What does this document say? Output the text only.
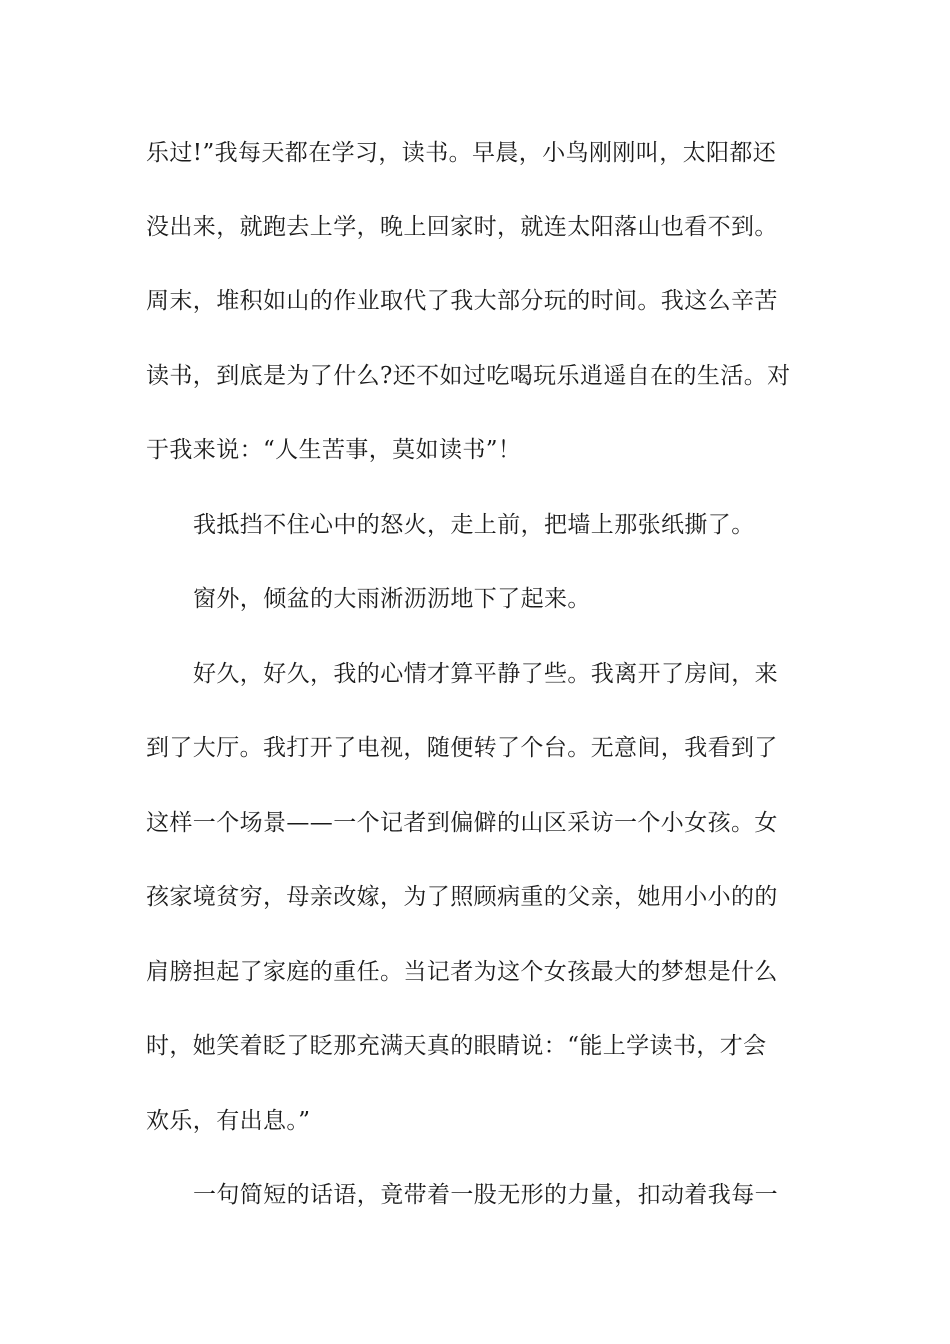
乐过!”我每天都在学习，读书。早晨，小鸟刚刚叫，太阳都还
没出来，就跑去上学，晚上回家时，就连太阳落山也看不到。
周末，堆积如山的作业取代了我大部分玩的时间。我这么辛苦
读书，到底是为了什么?还不如过吃喝玩乐逍遥自在的生活。对
于我来说：“人生苦事，莫如读书”！
我抵挡不住心中的怒火，走上前，把墙上那张纸撕了。
窗外，倾盆的大雨淅沥沥地下了起来。
好久，好久，我的心情才算平静了些。我离开了房间，来
到了大厅。我打开了电视，随便转了个台。无意间，我看到了
这样一个场景——一个记者到偏僻的山区采访一个小女孩。女
孩家境贫穷，母亲改嫁，为了照顾病重的父亲，她用小小的的
肩膀担起了家庭的重任。当记者为这个女孩最大的梦想是什么
时，她笑着眨了眨那充满天真的眼睛说：“能上学读书，才会
欢乐，有出息。”
一句简短的话语，竟带着一股无形的力量，扣动着我每一
